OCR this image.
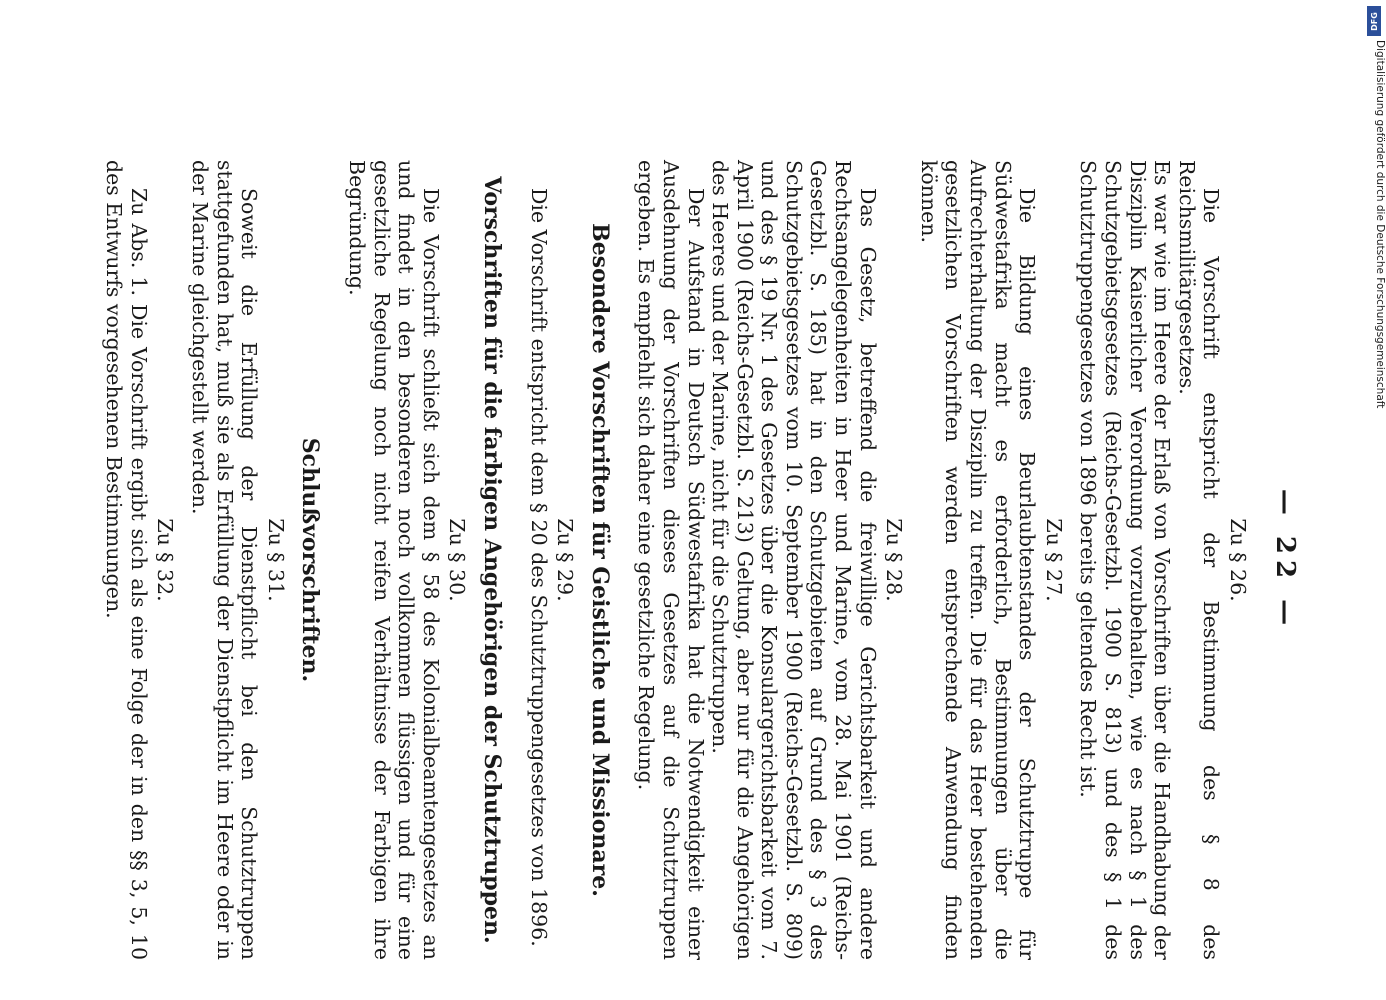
DFG
Digitalisierung gefördert durch die Deutsche Forschungsgemeinschaft
— 22 —
Zu § 26.

Die Vorschrift entspricht der Bestimmung des § 8 des Reichsmilitärgesetzes.

Es war wie im Heere der Erlaß von Vorschriften über die Handhabung der Disziplin Kaiserlicher Verordnung vorzubehalten, wie es nach § 1 des Schutzgebietsgesetzes (Reichs-Gesetzbl. 1900 S. 813) und des § 1 des Schutztruppengesetzes von 1896 bereits geltendes Recht ist.

Zu § 27.

Die Bildung eines Beurlaubtenstandes der Schutztruppe für Südwestafrika macht es erforderlich, Bestimmungen über die Aufrechterhaltung der Disziplin zu treffen. Die für das Heer bestehenden gesetzlichen Vorschriften werden entsprechende Anwendung finden können.

Zu § 28.

Das Gesetz, betreffend die freiwillige Gerichtsbarkeit und andere Rechtsangelegenheiten in Heer und Marine, vom 28. Mai 1901 (Reichs-Gesetzbl. S. 185) hat in den Schutzgebieten auf Grund des § 3 des Schutzgebietsgesetzes vom 10. September 1900 (Reichs-Gesetzbl. S. 809) und des § 19 Nr. 1 des Gesetzes über die Konsulargerichtsbarkeit vom 7. April 1900 (Reichs-Gesetzbl. S. 213) Geltung, aber nur für die Angehörigen des Heeres und der Marine, nicht für die Schutztruppen.

Der Aufstand in Deutsch Südwestafrika hat die Notwendigkeit einer Ausdehnung der Vorschriften dieses Gesetzes auf die Schutztruppen ergeben. Es empfiehlt sich daher eine gesetzliche Regelung.

Besondere Vorschriften für Geistliche und Missionare.
Zu § 29.

Die Vorschrift entspricht dem § 20 des Schutztruppengesetzes von 1896.

Vorschriften für die farbigen Angehörigen der Schutztruppen.
Zu § 30.

Die Vorschrift schließt sich dem § 58 des Kolonialbeamtengesetzes an und findet in den besonderen noch vollkommen flüssigen und für eine gesetzliche Regelung noch nicht reifen Verhältnisse der Farbigen ihre Begründung.

Schlußvorschriften.
Zu § 31.

Soweit die Erfüllung der Dienstpflicht bei den Schutztruppen stattgefunden hat, muß sie als Erfüllung der Dienstpflicht im Heere oder in der Marine gleichgestellt werden.

Zu § 32.

Zu Abs. 1. Die Vorschrift ergibt sich als eine Folge der in den §§ 3, 5, 10 des Entwurfs vorgesehenen Bestimmungen.
